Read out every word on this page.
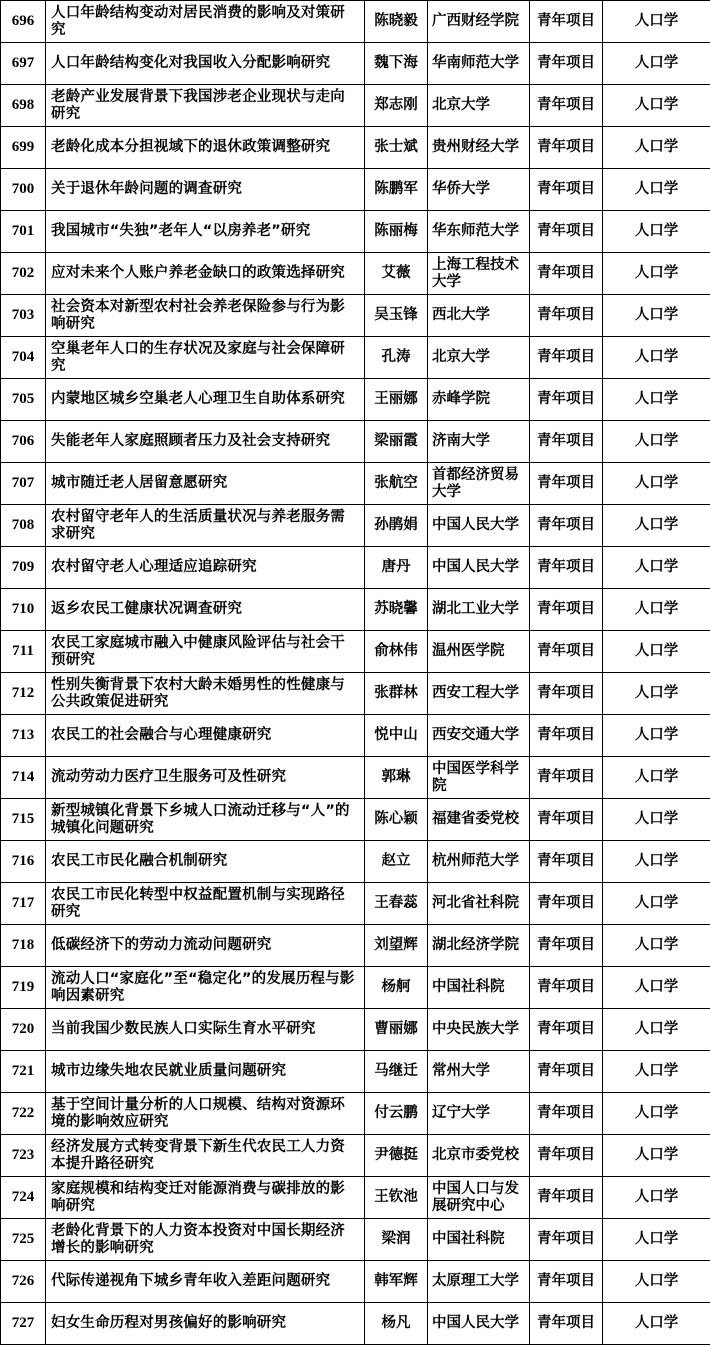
696	人口年龄结构变动对居民消费的影响及对策研究	陈晓毅	广西财经学院	青年项目	人口学
697	人口年龄结构变化对我国收入分配影响研究	魏下海	华南师范大学	青年项目	人口学
698	老龄产业发展背景下我国涉老企业现状与走向研究	郑志刚	北京大学	青年项目	人口学
699	老龄化成本分担视域下的退休政策调整研究	张士斌	贵州财经大学	青年项目	人口学
700	关于退休年龄问题的调查研究	陈鹏军	华侨大学	青年项目	人口学
701	我国城市“失独”老年人“以房养老”研究	陈丽梅	华东师范大学	青年项目	人口学
702	应对未来个人账户养老金缺口的政策选择研究	艾薇	上海工程技术大学	青年项目	人口学
703	社会资本对新型农村社会养老保险参与行为影响研究	吴玉锋	西北大学	青年项目	人口学
704	空巢老年人口的生存状况及家庭与社会保障研究	孔涛	北京大学	青年项目	人口学
705	内蒙地区城乡空巢老人心理卫生自助体系研究	王丽娜	赤峰学院	青年项目	人口学
706	失能老年人家庭照顾者压力及社会支持研究	梁丽霞	济南大学	青年项目	人口学
707	城市随迁老人居留意愿研究	张航空	首都经济贸易大学	青年项目	人口学
708	农村留守老年人的生活质量状况与养老服务需求研究	孙鹃娟	中国人民大学	青年项目	人口学
709	农村留守老人心理适应追踪研究	唐丹	中国人民大学	青年项目	人口学
710	返乡农民工健康状况调查研究	苏晓馨	湖北工业大学	青年项目	人口学
711	农民工家庭城市融入中健康风险评估与社会干预研究	俞林伟	温州医学院	青年项目	人口学
712	性别失衡背景下农村大龄未婚男性的性健康与公共政策促进研究	张群林	西安工程大学	青年项目	人口学
713	农民工的社会融合与心理健康研究	悦中山	西安交通大学	青年项目	人口学
714	流动劳动力医疗卫生服务可及性研究	郭琳	中国医学科学院	青年项目	人口学
715	新型城镇化背景下乡城人口流动迁移与“人”的城镇化问题研究	陈心颖	福建省委党校	青年项目	人口学
716	农民工市民化融合机制研究	赵立	杭州师范大学	青年项目	人口学
717	农民工市民化转型中权益配置机制与实现路径研究	王春蕊	河北省社科院	青年项目	人口学
718	低碳经济下的劳动力流动问题研究	刘望辉	湖北经济学院	青年项目	人口学
719	流动人口“家庭化”至“稳定化”的发展历程与影响因素研究	杨舸	中国社科院	青年项目	人口学
720	当前我国少数民族人口实际生育水平研究	曹丽娜	中央民族大学	青年项目	人口学
721	城市边缘失地农民就业质量问题研究	马继迁	常州大学	青年项目	人口学
722	基于空间计量分析的人口规模、结构对资源环境的影响效应研究	付云鹏	辽宁大学	青年项目	人口学
723	经济发展方式转变背景下新生代农民工人力资本提升路径研究	尹德挺	北京市委党校	青年项目	人口学
724	家庭规模和结构变迁对能源消费与碳排放的影响研究	王钦池	中国人口与发展研究中心	青年项目	人口学
725	老龄化背景下的人力资本投资对中国长期经济增长的影响研究	梁润	中国社科院	青年项目	人口学
726	代际传递视角下城乡青年收入差距问题研究	韩军辉	太原理工大学	青年项目	人口学
727	妇女生命历程对男孩偏好的影响研究	杨凡	中国人民大学	青年项目	人口学
